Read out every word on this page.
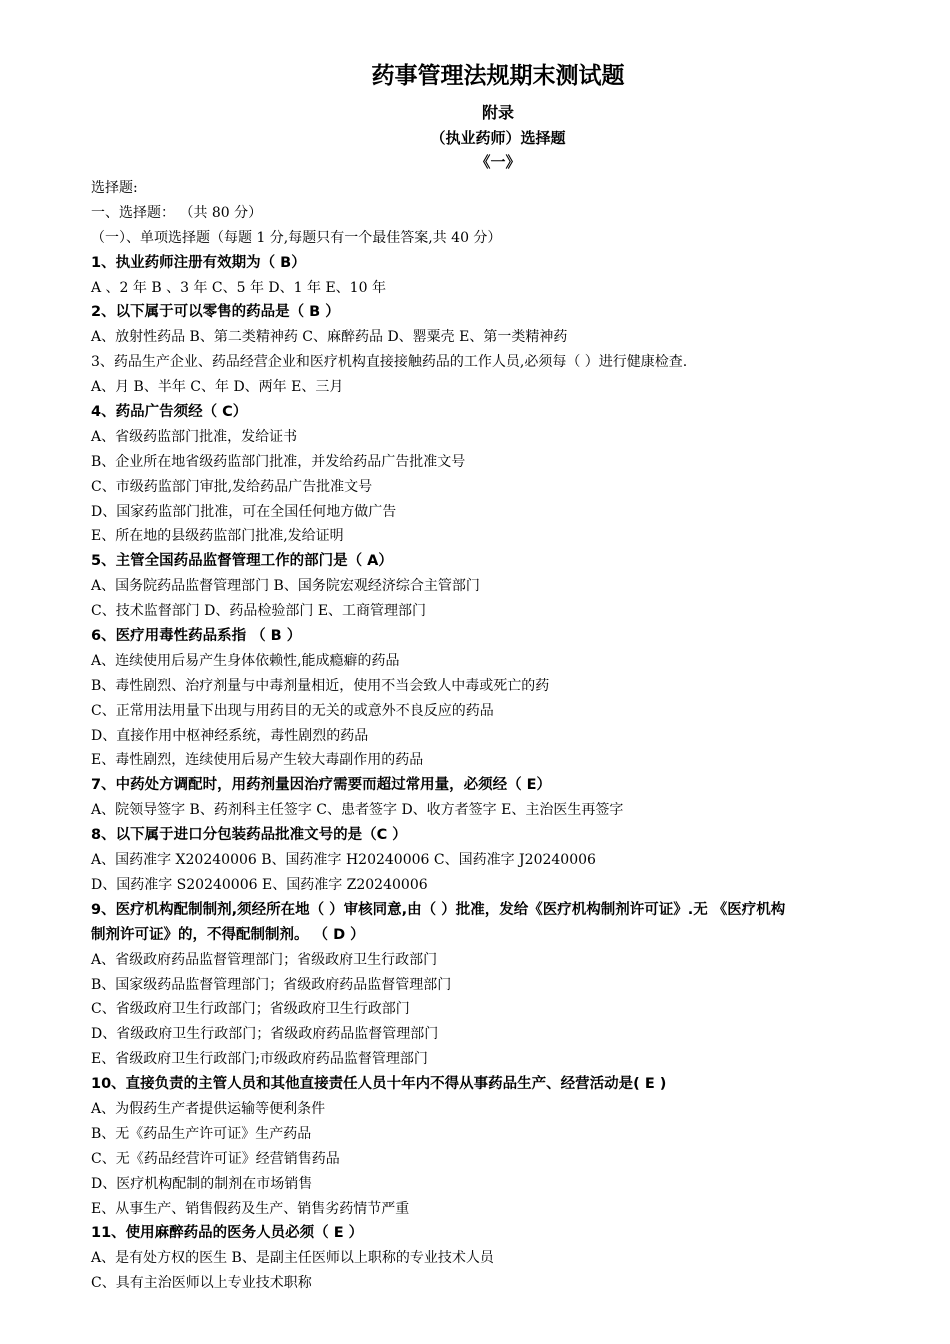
药事管理法规期末测试题
附录
（执业药师）选择题
《一》
选择题:
一、选择题： （共 80 分）
（一）、单项选择题（每题 1 分,每题只有一个最佳答案,共 40 分）
1、执业药师注册有效期为（ B）
A 、2 年 B 、3 年 C、5 年 D、1 年 E、10 年
2、以下属于可以零售的药品是（ B ）
A、放射性药品 B、第二类精神药 C、麻醉药品 D、罂粟壳 E、第一类精神药
3、药品生产企业、药品经营企业和医疗机构直接接触药品的工作人员,必须每（ ）进行健康检查.
A、月 B、半年 C、年 D、两年 E、三月
4、药品广告须经（ C）
A、省级药监部门批准，发给证书
B、企业所在地省级药监部门批准，并发给药品广告批准文号
C、市级药监部门审批,发给药品广告批准文号
D、国家药监部门批准，可在全国任何地方做广告
E、所在地的县级药监部门批准,发给证明
5、主管全国药品监督管理工作的部门是（ A）
A、国务院药品监督管理部门 B、国务院宏观经济综合主管部门
C、技术监督部门 D、药品检验部门 E、工商管理部门
6、医疗用毒性药品系指 （ B ）
A、连续使用后易产生身体依赖性,能成瘾癖的药品
B、毒性剧烈、治疗剂量与中毒剂量相近，使用不当会致人中毒或死亡的药
C、正常用法用量下出现与用药目的无关的或意外不良反应的药品
D、直接作用中枢神经系统，毒性剧烈的药品
E、毒性剧烈，连续使用后易产生较大毒副作用的药品
7、中药处方调配时，用药剂量因治疗需要而超过常用量，必须经（ E）
A、院领导签字 B、药剂科主任签字 C、患者签字 D、收方者签字 E、主治医生再签字
8、以下属于进口分包装药品批准文号的是（C ）
A、国药准字 X20240006 B、国药准字 H20240006 C、国药准字 J20240006
D、国药准字 S20240006 E、国药准字 Z20240006
9、医疗机构配制制剂,须经所在地（ ）审核同意,由（ ）批准，发给《医疗机构制剂许可证》.无 《医疗机构
制剂许可证》的，不得配制制剂。 （ D ）
A、省级政府药品监督管理部门；省级政府卫生行政部门
B、国家级药品监督管理部门；省级政府药品监督管理部门
C、省级政府卫生行政部门；省级政府卫生行政部门
D、省级政府卫生行政部门；省级政府药品监督管理部门
E、省级政府卫生行政部门;市级政府药品监督管理部门
10、直接负责的主管人员和其他直接责任人员十年内不得从事药品生产、经营活动是( E )
A、为假药生产者提供运输等便利条件
B、无《药品生产许可证》生产药品
C、无《药品经营许可证》经营销售药品
D、医疗机构配制的制剂在市场销售
E、从事生产、销售假药及生产、销售劣药情节严重
11、使用麻醉药品的医务人员必须（ E ）
A、是有处方权的医生 B、是副主任医师以上职称的专业技术人员
C、具有主治医师以上专业技术职称
